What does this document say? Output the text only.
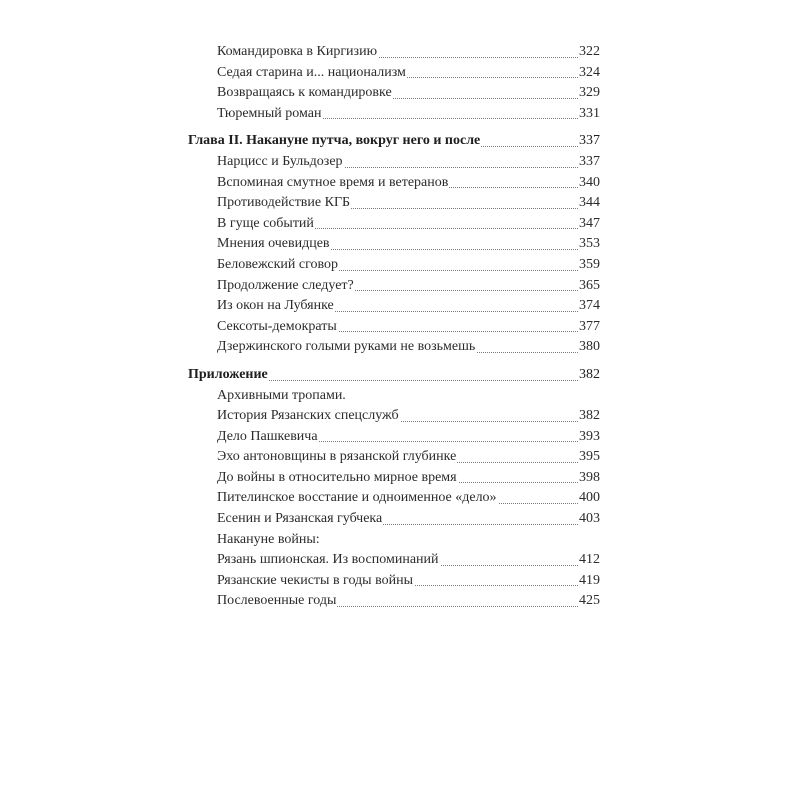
Командировка в Киргизию	322
Седая старина и... национализм	324
Возвращаясь к командировке	329
Тюремный роман	331
Глава II. Накануне путча, вокруг него и после	337
Нарцисс и Бульдозер	337
Вспоминая смутное время и ветеранов	340
Противодействие КГБ	344
В гуще событий	347
Мнения очевидцев	353
Беловежский сговор	359
Продолжение следует?	365
Из окон на Лубянке	374
Сексоты-демократы	377
Дзержинского голыми руками не возьмешь	380
Приложение	382
Архивными тропами.
История Рязанских спецслужб	382
Дело Пашкевича	393
Эхо антоновщины в рязанской глубинке	395
До войны в относительно мирное время	398
Пителинское восстание и одноименное «дело»	400
Есенин и Рязанская губчека	403
Накануне войны:
Рязань шпионская. Из воспоминаний	412
Рязанские чекисты в годы войны	419
Послевоенные годы	425
